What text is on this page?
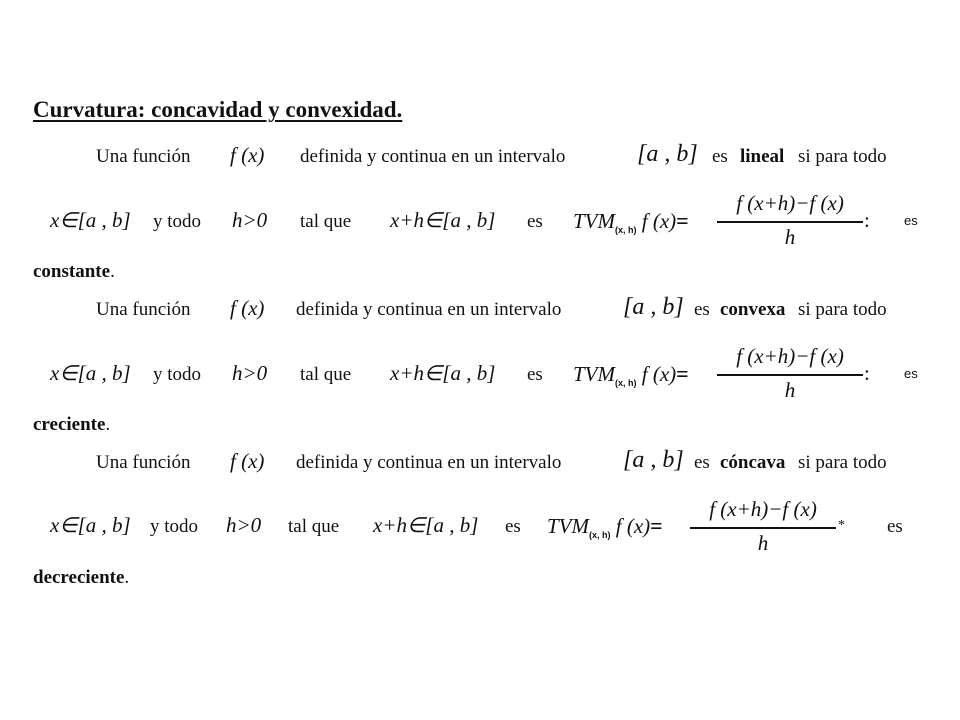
Curvatura: concavidad y convexidad.
Una función f (x) definida y continua en un intervalo	[a , b] es lineal si para todo
x∈[a , b] y todo h>0 tal que x+h∈[a , b] es $TVM_{(x, h)}$ f (x)=
f (x+h)−f (x)
h
:	es
constante.
Una función f (x) definida y continua en un intervalo	[a , b] es convexa si para todo
x∈[a , b] y todo h>0 tal que x+h∈[a , b] es $TVM_{(x, h)}$ f (x)=
f (x+h)−f (x)
h
:	es
creciente.
Una función f (x) definida y continua en un intervalo	[a , b] es cóncava si para todo
x∈[a , b] y todo h>0 tal que x+h∈[a , b] es $TVM_{(x, h)}$ f (x)=
f (x+h)−f (x)
h
* es
decreciente.
